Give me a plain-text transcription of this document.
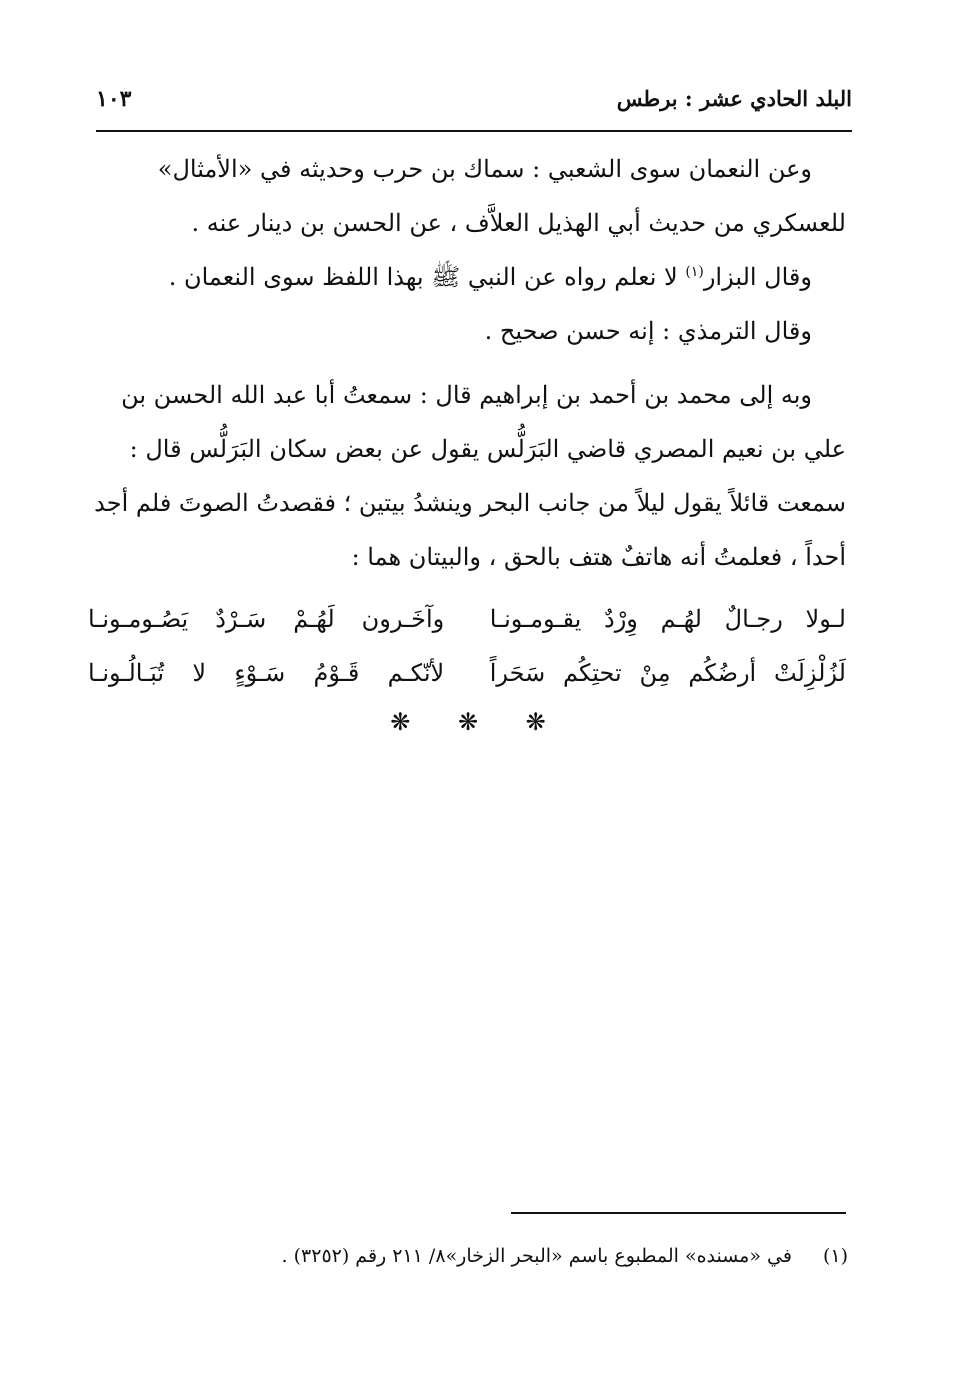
البلد الحادي عشر : برطس
١٠٣

وعن النعمان سوى الشعبي : سماك بن حرب وحديثه في «الأمثال»

للعسكري من حديث أبي الهذيل العلاَّف ، عن الحسن بن دينار عنه .

وقال البزار$^{(١)}$ لا نعلم رواه عن النبي ﷺ بهذا اللفظ سوى النعمان .

وقال الترمذي : إنه حسن صحيح .

وبه إلى محمد بن أحمد بن إبراهيم قال : سمعتُ أبا عبد الله الحسن بن

علي بن نعيم المصري قاضي البَرَلُّس يقول عن بعض سكان البَرَلُّس قال :

سمعت قائلاً يقول ليلاً من جانب البحر وينشدُ بيتين ؛ فقصدتُ الصوتَ فلم أجد

أحداً ، فعلمتُ أنه هاتفٌ هتف بالحق ، والبيتان هما :

لـولا رجـالٌ لهُـم وِرْدٌ يقـومـونـا
وآخَـرون لَهُـمْ سَـرْدٌ يَصُـومـونـا
لَزُلْزِلَتْ أرضُكُم مِنْ تحتِكُم سَحَراً
لأنّكـم قَـوْمُ سَـوْءٍ لا تُبَـالُـونـا
❋ ❋ ❋
(١) في «مسنده» المطبوع باسم «البحر الزخار»٨/ ٢١١ رقم (٣٢٥٢) .
